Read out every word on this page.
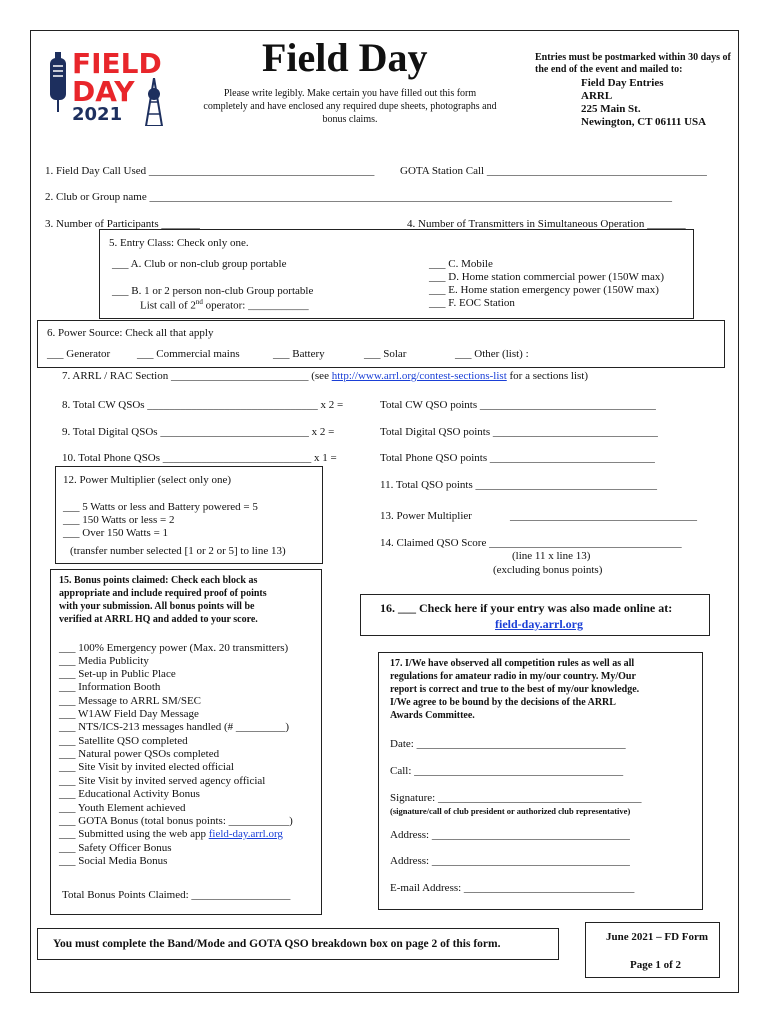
FIELD
DAY
2021
Field Day
Please write legibly. Make certain you have filled out this form
completely and have enclosed any required dupe sheets, photographs and
bonus claims.
Entries must be postmarked within 30 days of
the end of the event and mailed to:
Field Day Entries
ARRL
225 Main St.
Newington, CT 06111 USA
1. Field Day Call Used _________________________________________ GOTA Station Call ________________________________________
2. Club or Group name _______________________________________________________________________________________________
3. Number of Participants _______	4. Number of Transmitters in Simultaneous Operation _______
5. Entry Class: Check only one.
___ A. Club or non-club group portable
___ B. 1 or 2 person non-club Group portable
List call of 2nd operator: ___________
___ C. Mobile
___ D. Home station commercial power (150W max)
___ E. Home station emergency power (150W max)
___ F. EOC Station
6. Power Source: Check all that apply
___ Generator ___ Commercial mains	___ Battery	___ Solar	___ Other (list) :
7. ARRL / RAC Section _________________________ (see http://www.arrl.org/contest-sections-list for a sections list)
8. Total CW QSOs _______________________________ x 2 =	Total CW QSO points ________________________________
9. Total Digital QSOs ___________________________ x 2 =	Total Digital QSO points ______________________________
10. Total Phone QSOs ___________________________ x 1 =	Total Phone QSO points ______________________________
12. Power Multiplier (select only one)
___ 5 Watts or less and Battery powered = 5
___ 150 Watts or less = 2
___ Over 150 Watts = 1
(transfer number selected [1 or 2 or 5] to line 13)
11. Total QSO points _________________________________
13. Power Multiplier	__________________________________
14. Claimed QSO Score ___________________________________
(line 11 x line 13)
(excluding bonus points)
15. Bonus points claimed: Check each block as
appropriate and include required proof of points
with your submission. All bonus points will be
verified at ARRL HQ and added to your score.
___ 100% Emergency power (Max. 20 transmitters)
___ Media Publicity
___ Set-up in Public Place
___ Information Booth
___ Message to ARRL SM/SEC
___ W1AW Field Day Message
___ NTS/ICS-213 messages handled (# _________)
___ Satellite QSO completed
___ Natural power QSOs completed
___ Site Visit by invited elected official
___ Site Visit by invited served agency official
___ Educational Activity Bonus
___ Youth Element achieved
___ GOTA Bonus (total bonus points: ___________)
___ Submitted using the web app field-day.arrl.org
___ Safety Officer Bonus
___ Social Media Bonus
Total Bonus Points Claimed: __________________
16. ___ Check here if your entry was also made online at:
field-day.arrl.org
17. I/We have observed all competition rules as well as all
regulations for amateur radio in my/our country. My/Our
report is correct and true to the best of my/our knowledge.
I/We agree to be bound by the decisions of the ARRL
Awards Committee.
Date: ______________________________________
Call: ______________________________________
Signature: _____________________________________
(signature/call of club president or authorized club representative)
Address: ____________________________________
Address: ____________________________________
E-mail Address: _______________________________
You must complete the Band/Mode and GOTA QSO breakdown box on page 2 of this form.
June 2021 – FD Form
Page 1 of 2
